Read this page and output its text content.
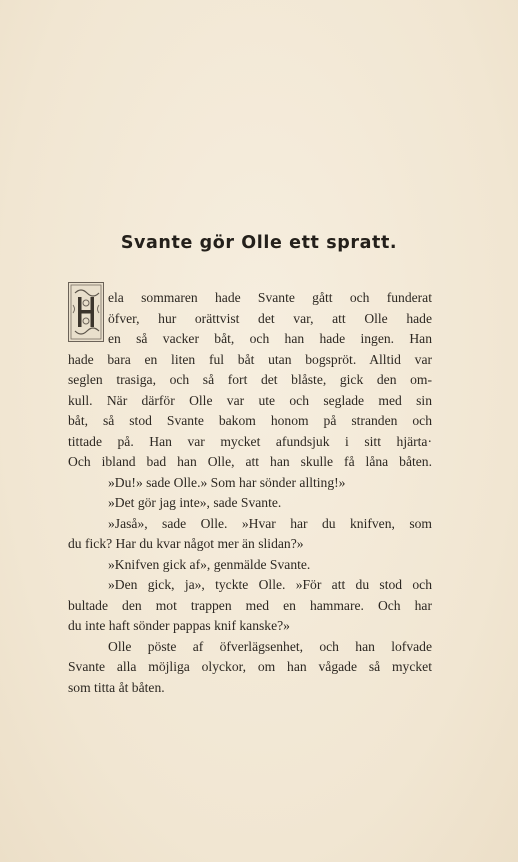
Svante gör Olle ett spratt.
ela sommaren hade Svante gått och funderat
öfver, hur orättvist det var, att Olle hade
en så vacker båt, och han hade ingen. Han
hade bara en liten ful båt utan bogspröt. Alltid var
seglen trasiga, och så fort det blåste, gick den om-
kull. När därför Olle var ute och seglade med sin
båt, så stod Svante bakom honom på stranden och
tittade på. Han var mycket afundsjuk i sitt hjärta·
Och ibland bad han Olle, att han skulle få låna båten.
»Du!» sade Olle.» Som har sönder allting!»
»Det gör jag inte», sade Svante.
»Jaså», sade Olle. »Hvar har du knifven, som
du fick? Har du kvar något mer än slidan?»
»Knifven gick af», genmälde Svante.
»Den gick, ja», tyckte Olle. »För att du stod och
bultade den mot trappen med en hammare. Och har
du inte haft sönder pappas knif kanske?»
Olle pöste af öfverlägsenhet, och han lofvade
Svante alla möjliga olyckor, om han vågade så mycket
som titta åt båten.
